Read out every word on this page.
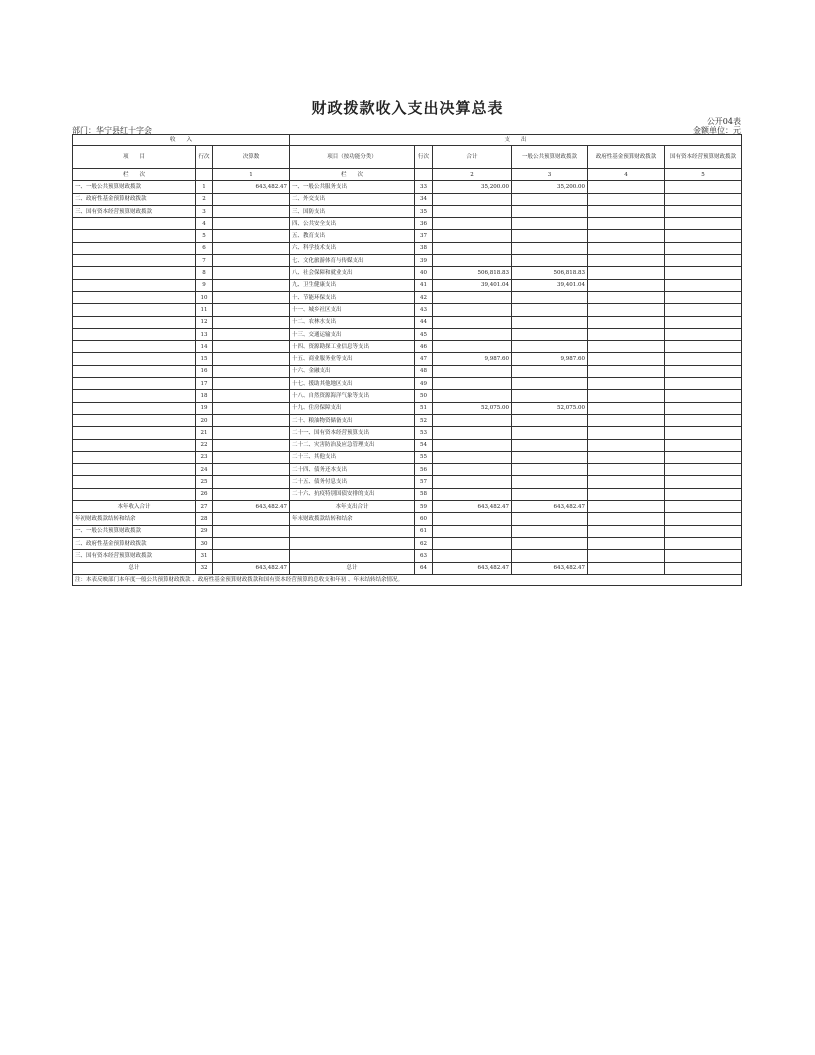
财政拨款收入支出决算总表
公开04表
部门：华宁县红十字会	金额单位：元
收　　入			支　　出					
项　　目	行次	决算数	项目（按功能分类）	行次	合计	一般公共预算财政拨款	政府性基金预算财政拨款	国有资本经营预算财政拨款
栏　　次		1	栏　　次		2	3	4	5
一、一般公共预算财政拨款	1	643,482.47	一、一般公共服务支出	33	35,200.00	35,200.00		
二、政府性基金预算财政拨款	2		二、外交支出	34				
三、国有资本经营预算财政拨款	3		三、国防支出	35				
	4		四、公共安全支出	36				
	5		五、教育支出	37				
	6		六、科学技术支出	38				
	7		七、文化旅游体育与传媒支出	39				
	8		八、社会保障和就业支出	40	506,818.83	506,818.83		
	9		九、卫生健康支出	41	39,401.04	39,401.04		
	10		十、节能环保支出	42				
	11		十一、城乡社区支出	43				
	12		十二、农林水支出	44				
	13		十三、交通运输支出	45				
	14		十四、资源勘探工业信息等支出	46				
	15		十五、商业服务业等支出	47	9,987.60	9,987.60		
	16		十六、金融支出	48				
	17		十七、援助其他地区支出	49				
	18		十八、自然资源海洋气象等支出	50				
	19		十九、住房保障支出	51	52,075.00	52,075.00		
	20		二十、粮油物资储备支出	52				
	21		二十一、国有资本经营预算支出	53				
	22		二十二、灾害防治及应急管理支出	54				
	23		二十三、其他支出	55				
	24		二十四、债务还本支出	56				
	25		二十五、债务付息支出	57				
	26		二十六、抗疫特别国债安排的支出	58				
本年收入合计	27	643,482.47	本年支出合计	59	643,482.47	643,482.47		
年初财政拨款结转和结余	28		年末财政拨款结转和结余	60				
一、一般公共预算财政拨款	29			61				
二、政府性基金预算财政拨款	30			62				
三、国有资本经营预算财政拨款	31			63				
总计	32	643,482.47	总计	64	643,482.47	643,482.47		
注：本表反映部门本年度一般公共预算财政拨款 、政府性基金预算财政拨款和国有资本经营预算的总收支和年初 、年末结转结余情况。								
